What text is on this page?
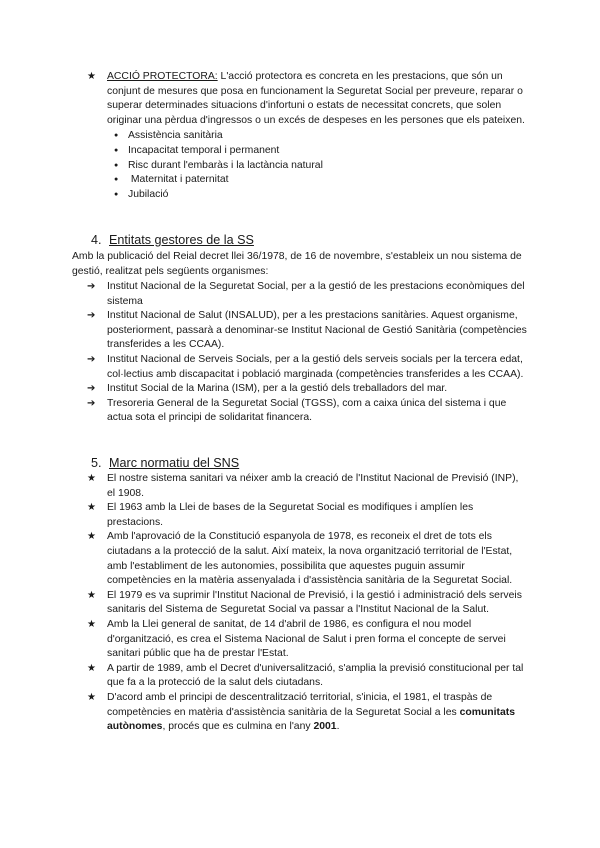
★ ACCIÓ PROTECTORA: L'acció protectora es concreta en les prestacions, que són un conjunt de mesures que posa en funcionament la Seguretat Social per preveure, reparar o superar determinades situacions d'infortuni o estats de necessitat concrets, que solen originar una pèrdua d'ingressos o un excés de despeses en les persones que els pateixen.
● Assistència sanitària
● Incapacitat temporal i permanent
● Risc durant l'embaràs i la lactància natural
● Maternitat i paternitat
● Jubilació
4. Entitats gestores de la SS
Amb la publicació del Reial decret llei 36/1978, de 16 de novembre, s'estableix un nou sistema de gestió, realitzat pels següents organismes:
➔ Institut Nacional de la Seguretat Social, per a la gestió de les prestacions econòmiques del sistema
➔ Institut Nacional de Salut (INSALUD), per a les prestacions sanitàries. Aquest organisme, posteriorment, passarà a denominar-se Institut Nacional de Gestió Sanitària (competències transferides a les CCAA).
➔ Institut Nacional de Serveis Socials, per a la gestió dels serveis socials per la tercera edat, col·lectius amb discapacitat i població marginada (competències transferides a les CCAA).
➔ Institut Social de la Marina (ISM), per a la gestió dels treballadors del mar.
➔ Tresoreria General de la Seguretat Social (TGSS), com a caixa única del sistema i que actua sota el principi de solidaritat financera.
5. Marc normatiu del SNS
★ El nostre sistema sanitari va néixer amb la creació de l'Institut Nacional de Previsió (INP), el 1908.
★ El 1963 amb la Llei de bases de la Seguretat Social es modifiques i amplíen les prestacions.
★ Amb l'aprovació de la Constitució espanyola de 1978, es reconeix el dret de tots els ciutadans a la protecció de la salut. Així mateix, la nova organització territorial de l'Estat, amb l'establiment de les autonomies, possibilita que aquestes puguin assumir competències en la matèria assenyalada i d'assistència sanitària de la Seguretat Social.
★ El 1979 es va suprimir l'Institut Nacional de Previsió, i la gestió i administració dels serveis sanitaris del Sistema de Seguretat Social va passar a l'Institut Nacional de la Salut.
★ Amb la Llei general de sanitat, de 14 d'abril de 1986, es configura el nou model d'organització, es crea el Sistema Nacional de Salut i pren forma el concepte de servei sanitari públic que ha de prestar l'Estat.
★ A partir de 1989, amb el Decret d'universalització, s'amplia la previsió constitucional per tal que fa a la protecció de la salut dels ciutadans.
★ D'acord amb el principi de descentralització territorial, s'inicia, el 1981, el traspàs de competències en matèria d'assistència sanitària de la Seguretat Social a les comunitats autònomes, procés que es culmina en l'any 2001.
